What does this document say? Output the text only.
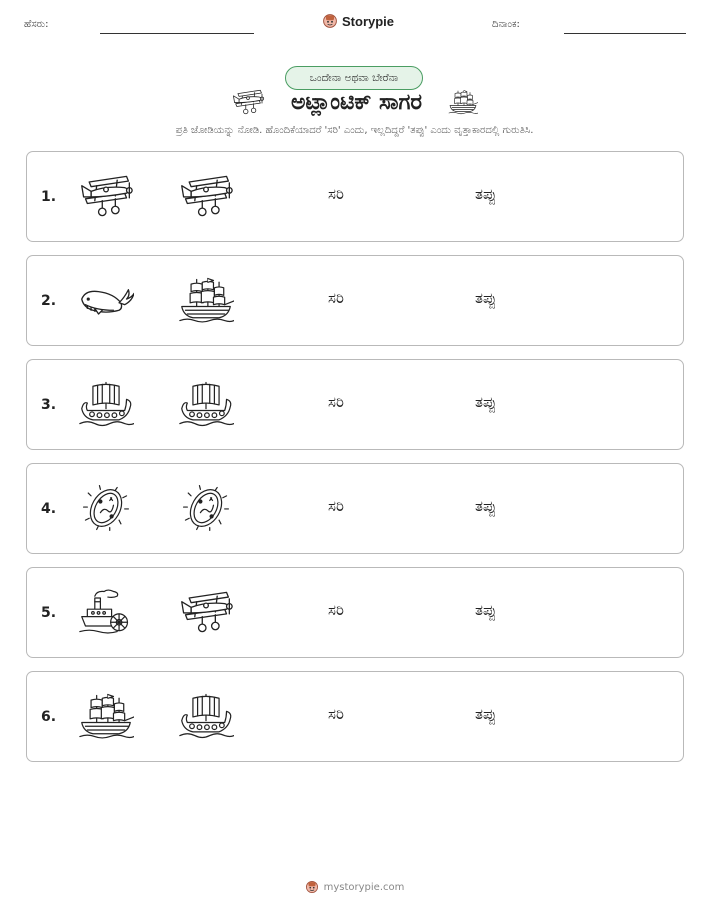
ಹೆಸರು:	Storypie	ದಿನಾಂಕ:
ಒಂದೇನಾ ಅಥವಾ ಬೇರೆನಾ
ಅಟ್ಲಾಂಟಿಕ್ ಸಾಗರ
ಪ್ರತಿ ಜೋಡಿಯನ್ನು ನೋಡಿ. ಹೊಂದಿಕೆಯಾದರೆ 'ಸರಿ' ಎಂದು, ಇಲ್ಲದಿದ್ದರೆ 'ತಪ್ಪು' ಎಂದು ವೃತ್ತಾಕಾರದಲ್ಲಿ ಗುರುತಿಸಿ.
1.	ಸರಿ	ತಪ್ಪು
2.	ಸರಿ	ತಪ್ಪು
3.	ಸರಿ	ತಪ್ಪು
4.	ಸರಿ	ತಪ್ಪು
5.	ಸರಿ	ತಪ್ಪು
6.	ಸರಿ	ತಪ್ಪು
mystorypie.com
